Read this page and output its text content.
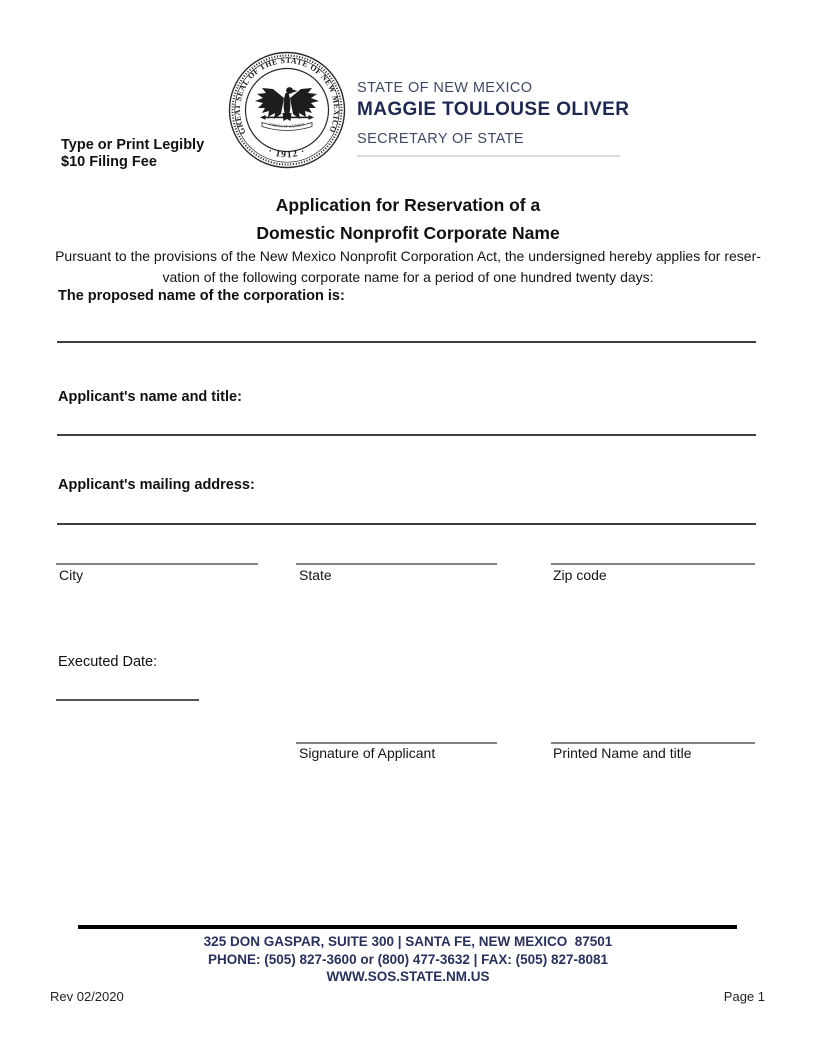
GREAT SEAL OF THE STATE OF NEW MEXICO
· 1912 ·
CRESCIT EUNDO
STATE OF NEW MEXICO
MAGGIE TOULOUSE OLIVER
SECRETARY OF STATE
Type or Print Legibly
$10 Filing Fee
Application for Reservation of a
Domestic Nonprofit Corporate Name
Pursuant to the provisions of the New Mexico Nonprofit Corporation Act, the undersigned hereby applies for reser-
vation of the following corporate name for a period of one hundred twenty days:
The proposed name of the corporation is:
Applicant's name and title:
Applicant's mailing address:
City	State	Zip code
Executed Date:
Signature of Applicant	Printed Name and title
325 DON GASPAR, SUITE 300 | SANTA FE, NEW MEXICO  87501
PHONE: (505) 827-3600 or (800) 477-3632 | FAX: (505) 827-8081
WWW.SOS.STATE.NM.US
Rev 02/2020	Page 1
